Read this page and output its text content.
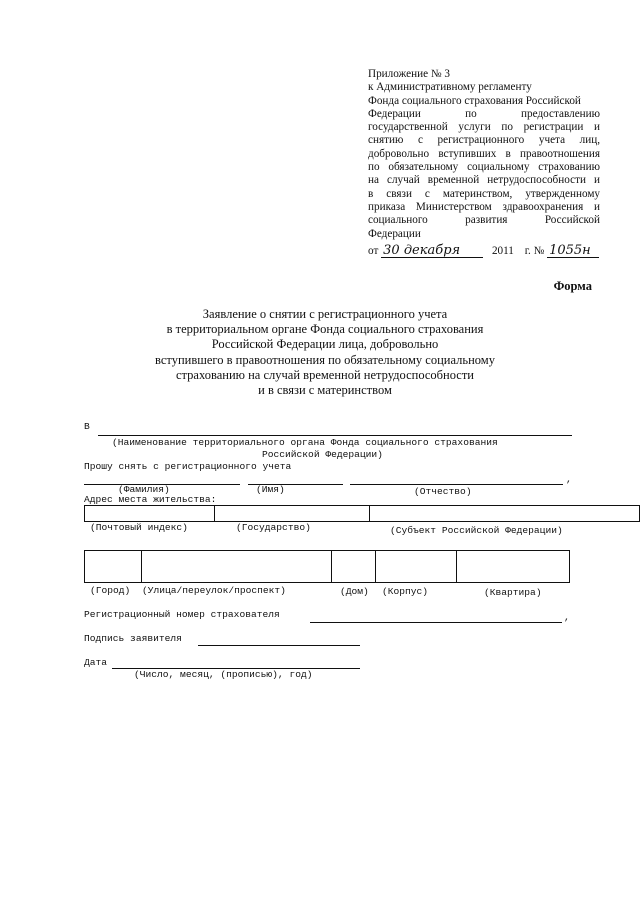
Приложение № 3
к Административному регламенту
Фонда социального страхования Российской
Федерации по предоставлению
государственной услуги по регистрации и
снятию с регистрационного учета лиц,
добровольно вступивших в правоотношения
по обязательному социальному страхованию
на случай временной нетрудоспособности и
в связи с материнством, утвержденному
приказа Министерством здравоохранения и
социального развития Российской
Федерации
от 30 декабря	2011 г. № 1055н
Форма
Заявление о снятии с регистрационного учета
в территориальном органе Фонда социального страхования
Российской Федерации лица, добровольно
вступившего в правоотношения по обязательному социальному
страхованию на случай временной нетрудоспособности
и в связи с материнством
В
(Наименование территориального органа Фонда социального страхования
Российской Федерации)
Прошу снять с регистрационного учета
,
(Фамилия)	(Имя)	(Отчество)
Адрес места жительства:
(Почтовый индекс)	(Государство)	(Субъект Российской Федерации)
(Город) (Улица/переулок/проспект)	(Дом) (Корпус)	(Квартира)
Регистрационный номер страхователя	,
Подпись заявителя
Дата
(Число, месяц, (прописью), год)
